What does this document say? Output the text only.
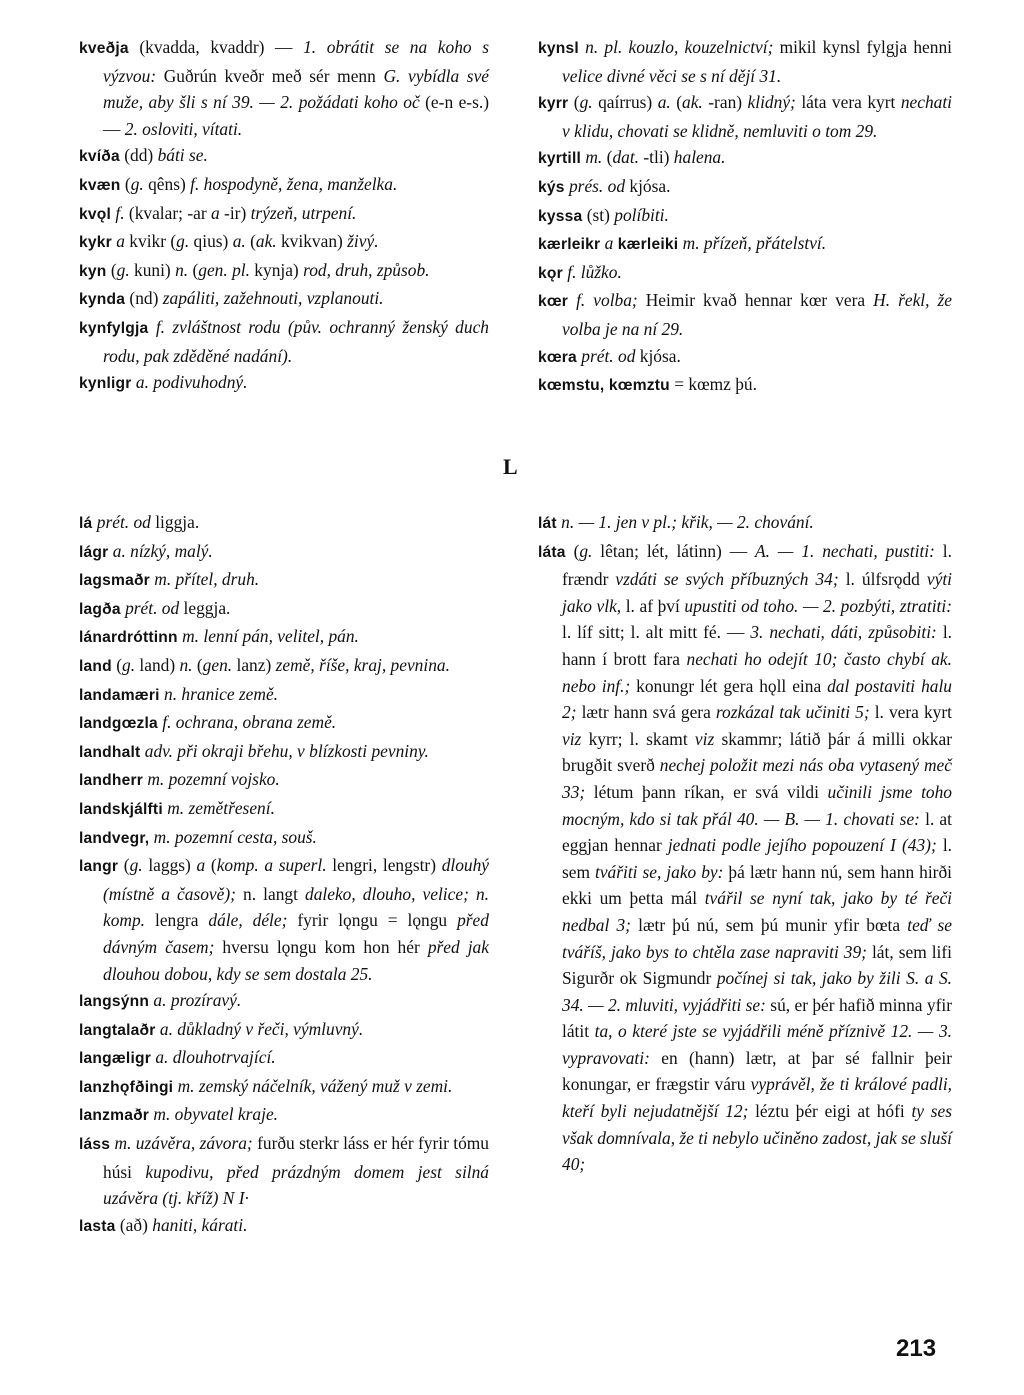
kveðja (kvadda, kvaddr) — 1. obrátit se na koho s výzvou: Guðrún kveðr með sér menn G. vybídla své muže, aby šli s ní 39. — 2. požádati koho oč (e-n e-s.) — 2. osloviti, vítati.

kvíða (dd) báti se.

kvæn (g. qêns) f. hospodyně, žena, manželka.

kvǫl f. (kvalar; -ar a -ir) trýzeň, utrpení.

kykr a kvikr (g. qius) a. (ak. kvikvan) živý.

kyn (g. kuni) n. (gen. pl. kynja) rod, druh, způsob.

kynda (nd) zapáliti, zažehnouti, vzplanouti.

kynfylgja f. zvláštnost rodu (pův. ochranný ženský duch rodu, pak zděděné nadání).

kynligr a. podivuhodný.

kynsl n. pl. kouzlo, kouzelnictví; mikil kynsl fylgja henni velice divné věci se s ní dějí 31.

kyrr (g. qaírrus) a. (ak. -ran) klidný; láta vera kyrt nechati v klidu, chovati se klidně, nemluviti o tom 29.

kyrtill m. (dat. -tli) halena.

kýs prés. od kjósa.

kyssa (st) políbiti.

kærleikr a kærleiki m. přízeň, přátelství.

kǫr f. lůžko.

kœr f. volba; Heimir kvað hennar kœr vera H. řekl, že volba je na ní 29.

kœra prét. od kjósa.

kœmstu, kœmztu = kœmz þú.

L

lá prét. od liggja.

lágr a. nízký, malý.

lagsmaðr m. přítel, druh.

lagða prét. od leggja.

lánardróttinn m. lenní pán, velitel, pán.

land (g. land) n. (gen. lanz) země, říše, kraj, pevnina.

landamæri n. hranice země.

landgœzla f. ochrana, obrana země.

landhalt adv. při okraji břehu, v blízkosti pevniny.

landherr m. pozemní vojsko.

landskjálfti m. zemětřesení.

landvegr, m. pozemní cesta, souš.

langr (g. laggs) a (komp. a superl. lengri, lengstr) dlouhý (místně a časově); n. langt daleko, dlouho, velice; n. komp. lengra dále, déle; fyrir lǫngu = lǫngu před dávným časem; hversu lǫngu kom hon hér před jak dlouhou dobou, kdy se sem dostala 25.

langsýnn a. prozíravý.

langtalaðr a. důkladný v řeči, výmluvný.

langæligr a. dlouhotrvající.

lanzhǫfðingi m. zemský náčelník, vážený muž v zemi.

lanzmaðr m. obyvatel kraje.

láss m. uzávěra, závora; furðu sterkr láss er hér fyrir tómu húsi kupodivu, před prázdným domem jest silná uzávěra (tj. kříž) N I·

lasta (að) haniti, kárati.

lát n. — 1. jen v pl.; křik, — 2. chování.

láta (g. lêtan; lét, látinn) — A. — 1. nechati, pustiti: l. frændr vzdáti se svých příbuzných 34; l. úlfsrǫdd výti jako vlk, l. af því upustiti od toho. — 2. pozbýti, ztratiti: l. líf sitt; l. alt mitt fé. — 3. nechati, dáti, způsobiti: l. hann í brott fara nechati ho odejít 10; často chybí ak. nebo inf.; konungr lét gera hǫll eina dal postaviti halu 2; lætr hann svá gera rozkázal tak učiniti 5; l. vera kyrt viz kyrr; l. skamt viz skammr; látið þár á milli okkar brugðit sverð nechej položit mezi nás oba vytasený meč 33; létum þann ríkan, er svá vildi učinili jsme toho mocným, kdo si tak přál 40. — B. — 1. chovati se: l. at eggjan hennar jednati podle jejího popouzení I (43); l. sem tvářiti se, jako by: þá lætr hann nú, sem hann hirði ekki um þetta mál tvářil se nyní tak, jako by té řeči nedbal 3; lætr þú nú, sem þú munir yfir bœta teď se tváříš, jako bys to chtěla zase napraviti 39; lát, sem lifi Sigurðr ok Sigmundr počínej si tak, jako by žili S. a S. 34. — 2. mluviti, vyjádřiti se: sú, er þér hafið minna yfir látit ta, o které jste se vyjádřili méně příznivě 12. — 3. vypravovati: en (hann) lætr, at þar sé fallnir þeir konungar, er frægstir váru vyprávěl, že ti králové padli, kteří byli nejudatnější 12; léztu þér eigi at hófi ty ses však domnívala, že ti nebylo učiněno zadost, jak se sluší 40;

213
